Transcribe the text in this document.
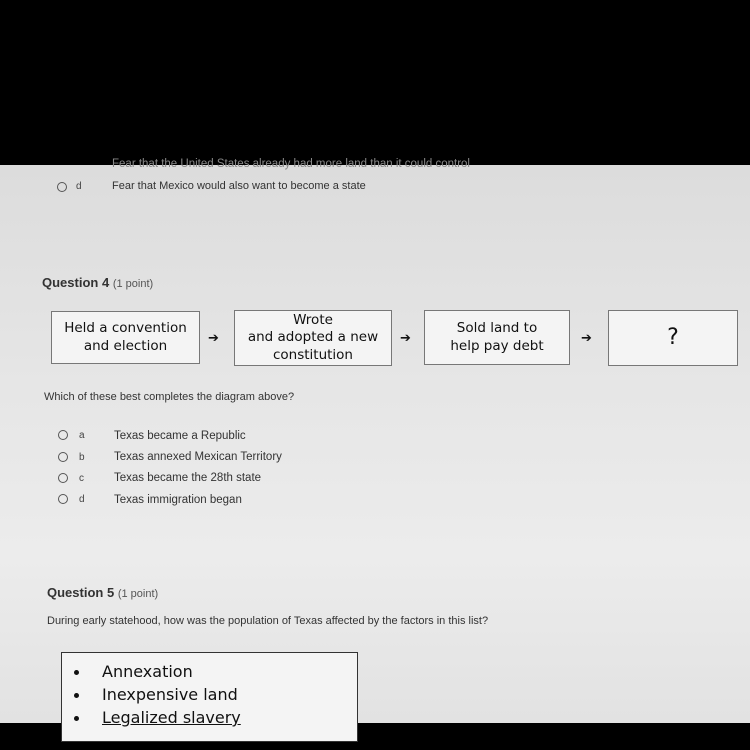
Fear that the United States already had more land than it could control
d	Fear that Mexico would also want to become a state
Question 4 (1 point)
Held a convention
and election	➔
Wrote
and adopted a new
constitution
➔
Sold land to
help pay debt	➔	?
Which of these best completes the diagram above?
a	Texas became a Republic
b	Texas annexed Mexican Territory
c	Texas became the 28th state
d	Texas immigration began
Question 5 (1 point)
During early statehood, how was the population of Texas affected by the factors in this list?
Annexation
Inexpensive land
Legalized slavery
